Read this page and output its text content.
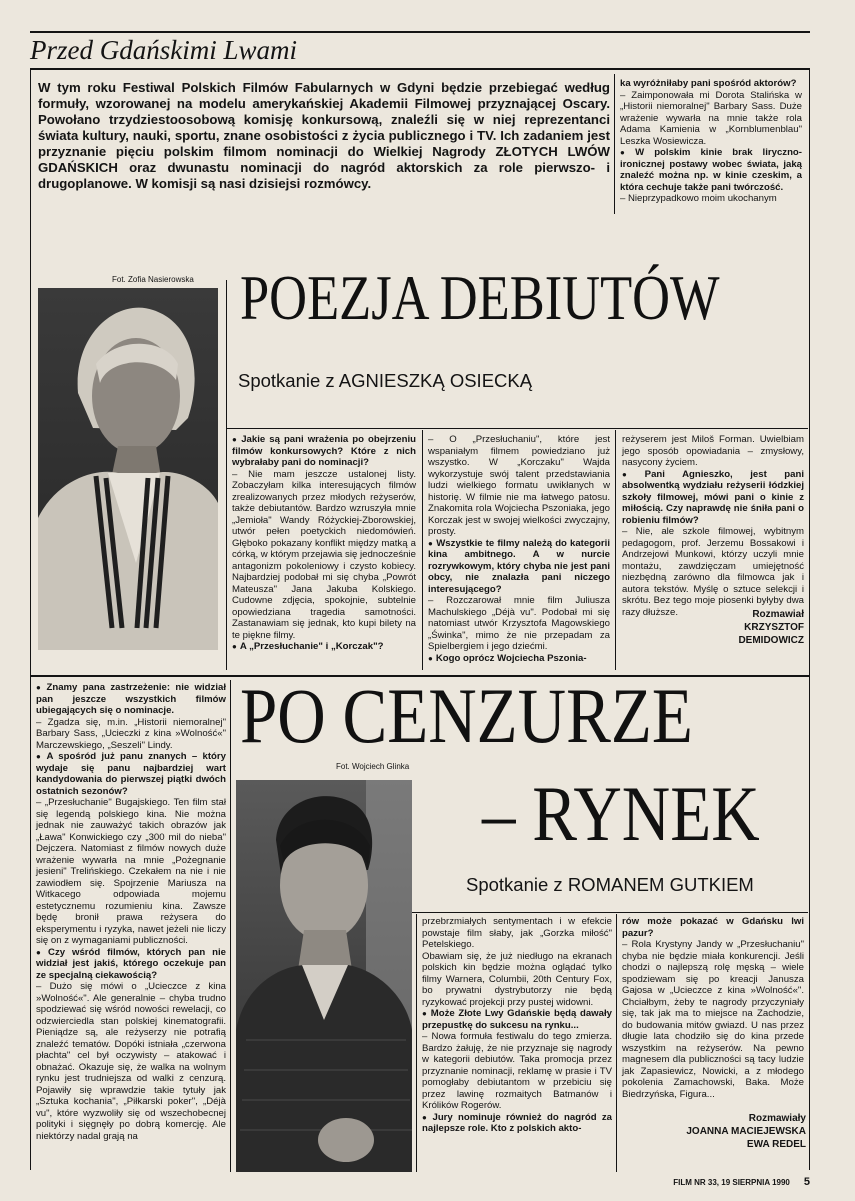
Przed Gdańskimi Lwami
W tym roku Festiwal Polskich Filmów Fabularnych w Gdyni będzie przebiegać według formuły, wzorowanej na modelu amerykańskiej Akademii Filmowej przyznającej Oscary. Powołano trzydziestoosobową komisję konkursową, znaleźli się w niej reprezentanci świata kultury, nauki, sportu, znane osobistości z życia publicznego i TV. Ich zadaniem jest przyznanie pięciu polskim filmom nominacji do Wielkiej Nagrody ZŁOTYCH LWÓW GDAŃSKICH oraz dwunastu nominacji do nagród aktorskich za role pierwszo- i drugoplanowe. W komisji są nasi dzisiejsi rozmówcy.

ka wyróżniłaby pani spośród aktorów?

– Zaimponowała mi Dorota Stalińska w „Historii niemoralnej" Barbary Sass. Duże wrażenie wywarła na mnie także rola Adama Kamienia w „Kornblumenblau" Leszka Wosiewicza.

● W polskim kinie brak liryczno-ironicznej postawy wobec świata, jaką znaleźć można np. w kinie czeskim, a która cechuje także pani twórczość.

– Nieprzypadkowo moim ukochanym

Fot. Zofia Nasierowska POEZJA DEBIUTÓW
Spotkanie z AGNIESZKĄ OSIECKĄ

● Jakie są pani wrażenia po obejrzeniu filmów konkursowych? Które z nich wybrałaby pani do nominacji?

– Nie mam jeszcze ustalonej listy. Zobaczyłam kilka interesujących filmów zrealizowanych przez młodych reżyserów, także debiutantów. Bardzo wzruszyła mnie „Jemioła" Wandy Różyckiej-Zborowskiej, utwór pełen poetyckich niedomówień. Głęboko pokazany konflikt między matką a córką, w którym przejawia się jednocześnie antagonizm pokoleniowy i czysto kobiecy. Najbardziej podobał mi się chyba „Powrót Mateusza" Jana Jakuba Kolskiego. Cudowne zdjęcia, spokojnie, subtelnie opowiedziana tragedia samotności. Zastanawiam się jednak, kto kupi bilety na te piękne filmy.

● A „Przesłuchanie" i „Korczak"?

– O „Przesłuchaniu", które jest wspaniałym filmem powiedziano już wszystko. W „Korczaku" Wajda wykorzystuje swój talent przedstawiania ludzi wielkiego formatu uwikłanych w historię. W filmie nie ma łatwego patosu. Znakomita rola Wojciecha Pszoniaka, jego Korczak jest w swojej wielkości zwyczajny, prosty.

● Wszystkie te filmy należą do kategorii kina ambitnego. A w nurcie rozrywkowym, który chyba nie jest pani obcy, nie znalazła pani niczego interesującego?

– Rozczarował mnie film Juliusza Machulskiego „Déjà vu". Podobał mi się natomiast utwór Krzysztofa Magowskiego „Świnka", mimo że nie przepadam za Spielbergiem i jego dziećmi.

● Kogo oprócz Wojciecha Pszonia-

reżyserem jest Miloš Forman. Uwielbiam jego sposób opowiadania – zmysłowy, nasycony życiem.

● Pani Agnieszko, jest pani absolwentką wydziału reżyserii łódzkiej szkoły filmowej, mówi pani o kinie z miłością. Czy naprawdę nie śniła pani o robieniu filmów?

– Nie, ale szkole filmowej, wybitnym pedagogom, prof. Jerzemu Bossakowi i Andrzejowi Munkowi, którzy uczyli mnie montażu, zawdzięczam umiejętność niezbędną zarówno dla filmowca jak i autora tekstów. Myślę o sztuce selekcji i skrótu. Bez tego moje piosenki byłyby dwa razy dłuższe.	Rozmawiał
KRZYSZTOF
DEMIDOWICZ

● Znamy pana zastrzeżenie: nie widział pan jeszcze wszystkich filmów ubiegających się o nominacje.

– Zgadza się, m.in. „Historii niemoralnej" Barbary Sass, „Ucieczki z kina »Wolność«" Marczewskiego, „Seszeli" Lindy.

● A spośród już panu znanych – który wydaje się panu najbardziej wart kandydowania do pierwszej piątki dwóch ostatnich sezonów?

– „Przesłuchanie" Bugajskiego. Ten film stał się legendą polskiego kina. Nie można jednak nie zauważyć takich obrazów jak „Ława" Konwickiego czy „300 mil do nieba" Dejczera. Natomiast z filmów nowych duże wrażenie wywarła na mnie „Pożegnanie jesieni" Trelińskiego. Czekałem na nie i nie zawiodłem się. Spojrzenie Mariusza na Witkacego odpowiada mojemu estetycznemu rozumieniu kina. Zawsze będę bronił prawa reżysera do eksperymentu i ryzyka, nawet jeżeli nie liczy się on z wymaganiami publiczności.

● Czy wśród filmów, których pan nie widział jest jakiś, którego oczekuje pan ze specjalną ciekawością?

– Dużo się mówi o „Ucieczce z kina »Wolność«". Ale generalnie – chyba trudno spodziewać się wśród nowości rewelacji, co odzwierciedla stan polskiej kinematografii. Pieniądze są, ale reżyserzy nie potrafią znaleźć tematów. Dopóki istniała „czerwona płachta" cel był oczywisty – atakować i obnażać. Okazuje się, że walka na wolnym rynku jest trudniejsza od walki z cenzurą. Pojawiły się wprawdzie takie tytuły jak „Sztuka kochania", „Piłkarski poker", „Déjà vu", które wyzwoliły się od wszechobecnej polityki i sięgnęły po dobrą komercję. Ale niektórzy nadal grają na

PO CENZURZE
Fot. Wojciech Glinka
– RYNEK
Spotkanie z ROMANEM GUTKIEM

przebrzmiałych sentymentach i w efekcie powstaje film słaby, jak „Gorzka miłość" Petelskiego.

Obawiam się, że już niedługo na ekranach polskich kin będzie można oglądać tylko filmy Warnera, Columbii, 20th Century Fox, bo prywatni dystrybutorzy nie będą ryzykować projekcji przy pustej widowni.

● Może Złote Lwy Gdańskie będą dawały przepustkę do sukcesu na rynku...

– Nowa formuła festiwalu do tego zmierza. Bardzo żałuję, że nie przyznaje się nagrody w kategorii debiutów. Taka promocja przez przyznanie nominacji, reklamę w prasie i TV pomogłaby debiutantom w przebiciu się przez lawinę rozmaitych Batmanów i Królików Rogerów.

● Jury nominuje również do nagród za najlepsze role. Kto z polskich akto-

rów może pokazać w Gdańsku lwi pazur?

– Rola Krystyny Jandy w „Przesłuchaniu" chyba nie będzie miała konkurencji. Jeśli chodzi o najlepszą rolę męską – wiele spodziewam się po kreacji Janusza Gajosa w „Ucieczce z kina »Wolność«". Chciałbym, żeby te nagrody przyczyniały się, tak jak ma to miejsce na Zachodzie, do budowania mitów gwiazd. U nas przez długie lata chodziło się do kina przede wszystkim na reżyserów. Na pewno magnesem dla publiczności są tacy ludzie jak Zapasiewicz, Nowicki, a z młodego pokolenia Zamachowski, Baka. Może Biedrzyńska, Figura...

Rozmawiały
JOANNA MACIEJEWSKA
EWA REDEL
FILM NR 33, 19 SIERPNIA 1990 5
